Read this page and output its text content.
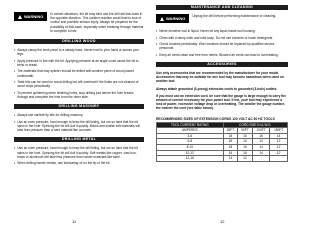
WARNING In certain situations, the bit may bind and the drill will kick-back in the opposite direction. This sudden reaction could lead to loss of control and possible serious injury. Always be prepared for the possibility of kick-back, especially when breaking through material to complete a hole.
DRILLING WOOD
• Always clamp the work piece to a steady base. Never hold in your hand or across your legs.
• Apply pressure in line with the bit. Applying pressure at an angle could cause the bit to bend or break.
• The materials that may splinter should be drilled with another piece of wood placed underneath.
• Twist bits can be used for wood drilling but will overheat if the flutes are not cleaned of wood chips periodically.
• To prevent splintering when finishing holes, stop drilling just before the hole breaks through and complete the hole from the other side.
DRILLING MASONRY
• Always use carbide tip bits for drilling masonry.
• Use an even pressure, hard enough to keep the drill biting, but not so hard that the bit spins in the hole. Spinning the bit will dull it quickly. Bricks and similar soft materials will take less pressure than a hard material like concrete.
DRILLING METAL
• Use an even pressure, hard enough to keep the drill biting, but not so hard that the bit spins in the hole. Spinning the bit will dull it quickly. Soft metals like copper, cast iron, brass or aluminum will take less pressure than harder materials like steel.
• When drilling harder metals, use lubricating oil on the tip of the bit.
11
MAINTENANCE AND CLEANING
WARNING Unplug the drill before performing maintenance or cleaning.
• Never immerse tool in liquid. Never let any liquid inside tool housing.
• Clean with a damp cloth and mild soap. Do not use solvents or harsh detergents.
• Check brushes periodically. Worn brushes should be replaced by qualified service personnel.
• Keep air vents clean and free from debris. Blocked air vents can lead to overheating.
ACCESSORIES
Use only accessories that are recommended by the manufacturer for your model. Accessories that may be suitable for one tool may become hazardous when used on another tool.
Always attach grounded (3-prong) extension cords to grounded (3-hole) outlets.
If you must use an extension cord, be sure that the gauge is large enough to carry the amount of current necessary for your power tool. If not, your tool may experience a loss of power, excessive voltage drop or overheating. The smaller the gauge number, the heavier the cord (see table below).
RECOMMENDED SIZES OF EXTENSION CORDS 120 VOLT AC 60 HZ TOOLS
TOOL CURRENT RATING	CORD SIZE IN A.W.G.			
AMPERES	25FT	50FT	100FT	150FT
3-6	18	16	16	14
6-8	18	16	14	12
8-10	18	16	14	12
10-12	16	16	14	12
12-16	14	12		
12
